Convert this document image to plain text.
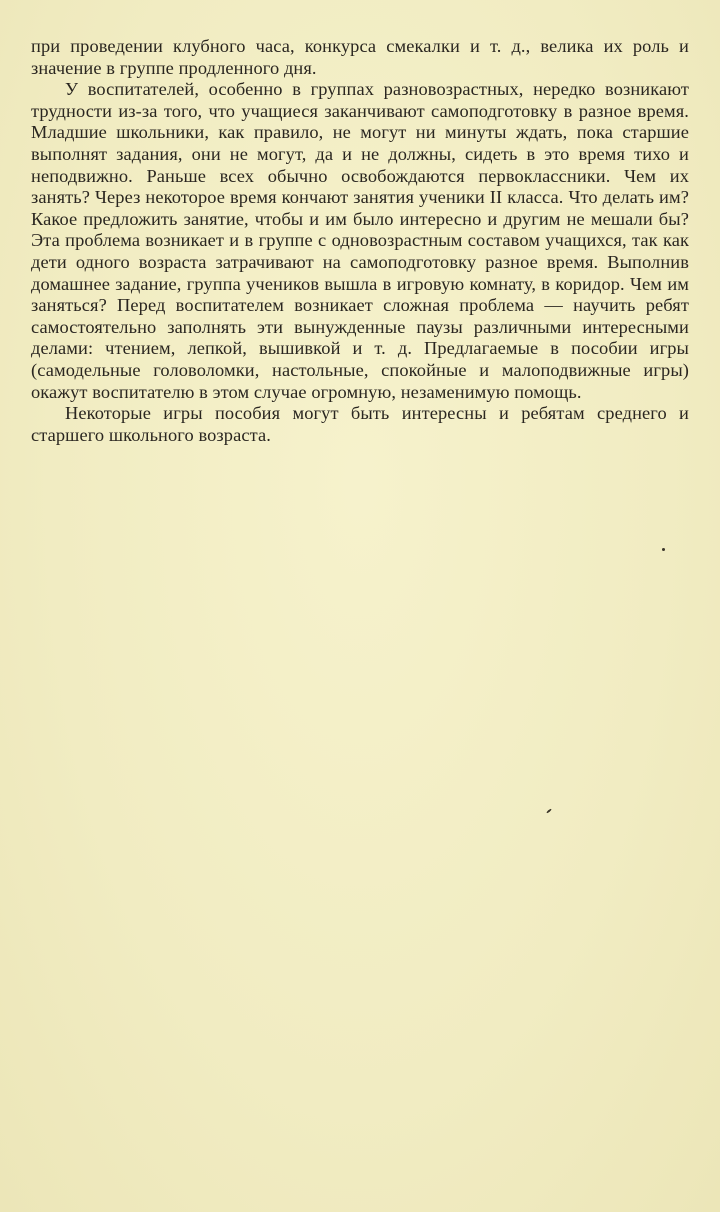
при проведении клубного часа, конкурса смекалки и т. д., велика их роль и значение в группе продленного дня.

У воспитателей, особенно в группах разновозрастных, нередко возникают трудности из-за того, что учащиеся заканчивают самоподготовку в разное время. Младшие школьники, как правило, не могут ни минуты ждать, пока старшие выполнят задания, они не могут, да и не должны, сидеть в это время тихо и неподвижно. Раньше всех обычно освобождаются первоклассники. Чем их занять? Через некоторое время кончают занятия ученики II класса. Что делать им? Какое предложить занятие, чтобы и им было интересно и другим не мешали бы? Эта проблема возникает и в группе с одновозрастным составом учащихся, так как дети одного возраста затрачивают на самоподготовку разное время. Выполнив домашнее задание, группа учеников вышла в игровую комнату, в коридор. Чем им заняться? Перед воспитателем возникает сложная проблема — научить ребят самостоятельно заполнять эти вынужденные паузы различными интересными делами: чтением, лепкой, вышивкой и т. д. Предлагаемые в пособии игры (самодельные головоломки, настольные, спокойные и малоподвижные игры) окажут воспитателю в этом случае огромную, незаменимую помощь.

Некоторые игры пособия могут быть интересны и ребятам среднего и старшего школьного возраста.
